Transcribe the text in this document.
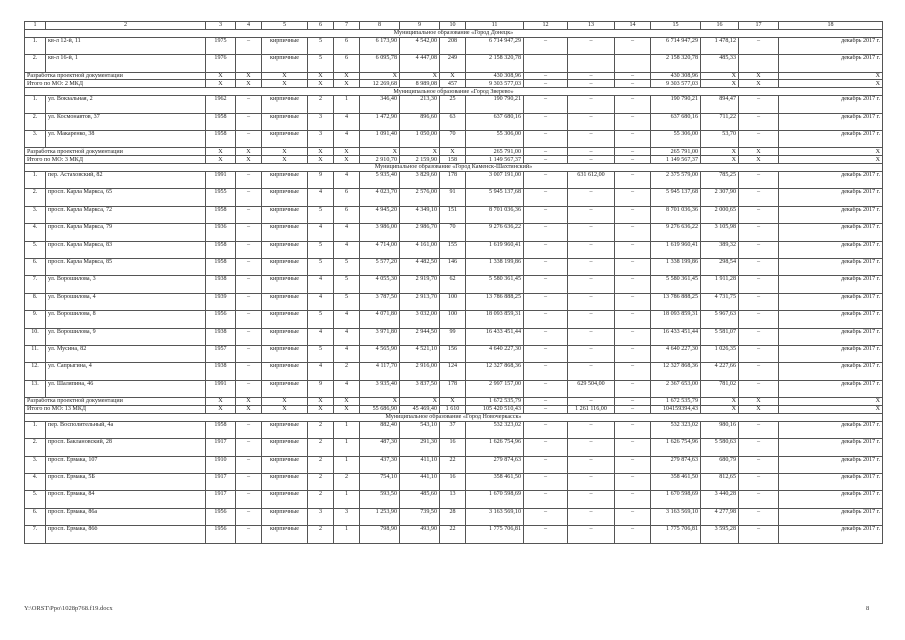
1	2	3	4	5	6	7	8	9	10	11	12	13	14	15	16	17	18
Муниципальное образование «Город Донецк»																	
1.	кв-л 12-й, 11	1975	–	кирпичные	5	6	6 173,90	4 542,00	208	6 714 947,29	–	–	–	6 714 947,29	1 478,12	–	декабрь 2017 г.
2.	кв-л 16-й, 1	1976		кирпичные	5	6	6 095,78	4 447,08	249	2 158 320,78				2 158 320,78	485,33		декабрь 2017 г.
Разработка проектной документации		X	X	X	X	X	X	X	X	430 308,96	–	–	–	430 308,96	X	X	X
Итого по МО: 2 МКД		X	X	X	X	X	12 269,68	8 989,08	457	9 303 577,03	–	–	–	9 303 577,03	X	X	X
Муниципальное образование «Город Зверево»																	
1.	ул. Вокзальная, 2	1962	–	кирпичные	2	1	346,40	213,30	25	190 790,21	–	–	–	190 790,21	894,47	–	декабрь 2017 г.
2.	ул. Космонавтов, 37	1958	–	кирпичные	3	4	1 472,90	896,60	63	637 680,16	–	–	–	637 680,16	711,22	–	декабрь 2017 г.
3.	ул. Макаренко, 38	1958	–	кирпичные	3	4	1 091,40	1 050,00	70	55 306,00	–	–	–	55 306,00	53,70	–	декабрь 2017 г.
Разработка проектной документации		X	X	X	X	X	X	X	X	265 791,00	–	–	–	265 791,00	X	X	X
Итого по МО: 3 МКД		X	X	X	X	X	2 910,70	2 159,90	158	1 149 567,37	–	–	–	1 149 567,37	X	X	X
Муниципальное образование «Город Каменск-Шахтинский»																	
1.	пер. Астаховский, 82	1991	–	кирпичные	9	4	5 935,40	3 829,60	178	3 007 191,00	–	631 612,00	–	2 375 579,00	785,25	–	декабрь 2017 г.
2.	просп. Карла Маркса, 65	1955	–	кирпичные	4	6	4 023,70	2 576,00	91	5 945 137,68	–	–	–	5 945 137,68	2 307,90	–	декабрь 2017 г.
3.	просп. Карла Маркса, 72	1958	–	кирпичные	5	6	4 945,20	4 349,10	151	8 701 036,36	–	–	–	8 701 036,36	2 000,65	–	декабрь 2017 г.
4.	просп. Карла Маркса, 79	1936	–	кирпичные	4	4	3 986,00	2 986,70	70	9 276 636,22	–	–	–	9 276 636,22	3 105,98	–	декабрь 2017 г.
5.	просп. Карла Маркса, 83	1958	–	кирпичные	5	4	4 714,00	4 161,00	155	1 619 960,41	–	–	–	1 619 960,41	389,32	–	декабрь 2017 г.
6.	просп. Карла Маркса, 85	1958	–	кирпичные	5	5	5 577,20	4 482,50	146	1 338 199,86	–	–	–	1 338 199,86	298,54	–	декабрь 2017 г.
7.	ул. Ворошилова, 3	1938	–	кирпичные	4	5	4 055,30	2 919,70	62	5 580 361,45	–	–	–	5 580 361,45	1 911,28	–	декабрь 2017 г.
8.	ул. Ворошилова, 4	1939	–	кирпичные	4	5	3 787,50	2 913,70	100	13 786 888,25	–	–	–	13 786 888,25	4 731,75	–	декабрь 2017 г.
9.	ул. Ворошилова, 8	1956	–	кирпичные	5	4	4 071,80	3 032,00	100	18 093 859,31	–	–	–	18 093 859,31	5 967,63	–	декабрь 2017 г.
10.	ул. Ворошилова, 9	1938	–	кирпичные	4	4	3 971,80	2 944,50	99	16 433 451,44	–	–	–	16 433 451,44	5 581,07	–	декабрь 2017 г.
11.	ул. Мусина, 82	1957	–	кирпичные	5	4	4 565,90	4 521,10	156	4 640 227,30	–	–	–	4 640 227,30	1 026,35	–	декабрь 2017 г.
12.	ул. Сапрыгина, 4	1938	–	кирпичные	4	2	4 117,70	2 916,00	124	12 327 868,36	–	–	–	12 327 868,36	4 227,66	–	декабрь 2017 г.
13.	ул. Шаляпина, 46	1991	–	кирпичные	9	4	3 935,40	3 837,50	178	2 997 157,00	–	629 504,00	–	2 367 653,00	781,02	–	декабрь 2017 г.
Разработка проектной документации		X	X	X	X	X	X	X	X	1 672 535,79	–	–	–	1 672 535,79	X	X	X
Итого по МО: 13 МКД		X	X	X	X	X	55 686,90	45 469,40	1 610	105 420 510,43	–	1 261 116,00	–	104159394,43	X	X	X
Муниципальное образование «Город Новочеркасск»																	
1.	пер. Восполительный, 4а	1958	–	кирпичные	2	1	882,40	543,10	37	532 323,02	–	–	–	532 323,02	980,16	–	декабрь 2017 г.
2.	просп. Баклановский, 28	1917	–	кирпичные	2	1	487,30	291,30	16	1 626 754,96	–	–	–	1 626 754,96	5 580,63	–	декабрь 2017 г.
3.	просп. Ермака, 107	1910	–	кирпичные	2	1	437,30	411,10	22	279 874,63	–	–	–	279 874,63	680,79	–	декабрь 2017 г.
4.	просп. Ермака, 5Б	1917	–	кирпичные	2	2	754,10	441,10	16	358 461,50	–	–	–	358 461,50	812,65	–	декабрь 2017 г.
5.	просп. Ермака, 84	1917	–	кирпичные	2	1	593,50	485,60	13	1 670 598,69	–	–	–	1 670 598,69	3 440,28	–	декабрь 2017 г.
6.	просп. Ермака, 86а	1956	–	кирпичные	3	3	1 253,90	739,50	28	3 163 569,10	–	–	–	3 163 569,10	4 277,98	–	декабрь 2017 г.
7.	просп. Ермака, 86б	1956	–	кирпичные	2	1	798,90	493,90	22	1 775 706,81	–	–	–	1 775 706,81	3 595,28	–	декабрь 2017 г.
Y:\ORST\Ppo\1028p768.f19.docx	8
